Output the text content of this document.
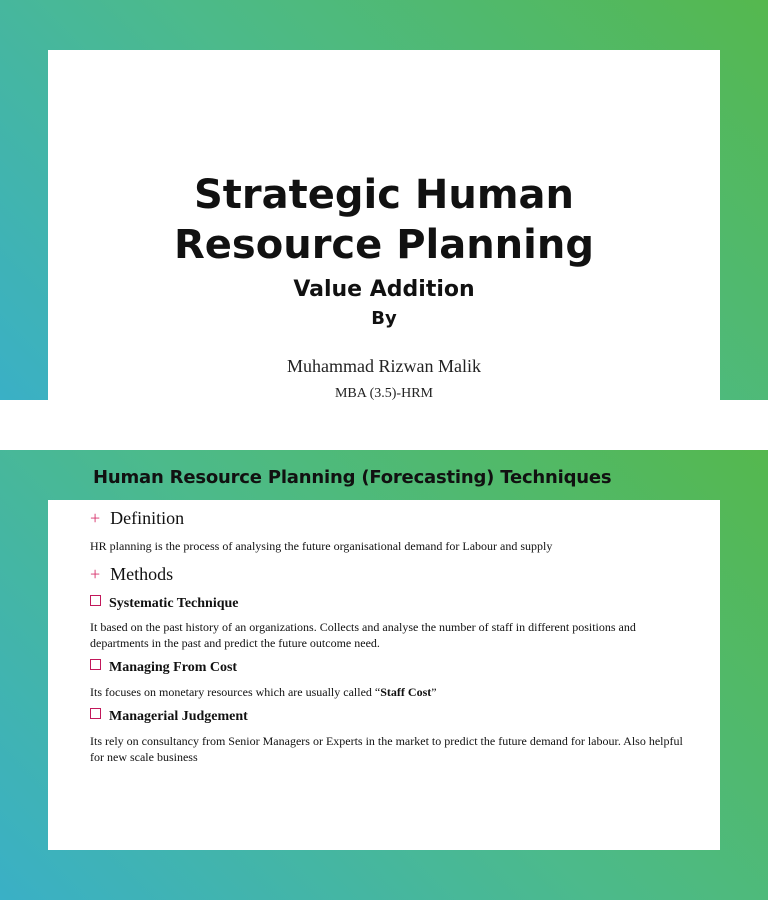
Strategic Human
Resource Planning
Value Addition
By
Muhammad Rizwan Malik
MBA (3.5)-HRM
Human Resource Planning (Forecasting) Techniques
+ Definition
HR planning is the process of analysing the future organisational demand for Labour and supply
+ Methods
Systematic Technique
It based on the past history of an organizations. Collects and analyse the number of staff in different positions and departments in the past and predict the future outcome need.
Managing From Cost
Its focuses on monetary resources which are usually called “Staff Cost”
Managerial Judgement
Its rely on consultancy from Senior Managers or Experts in the market to predict the future demand for labour. Also helpful for new scale business
